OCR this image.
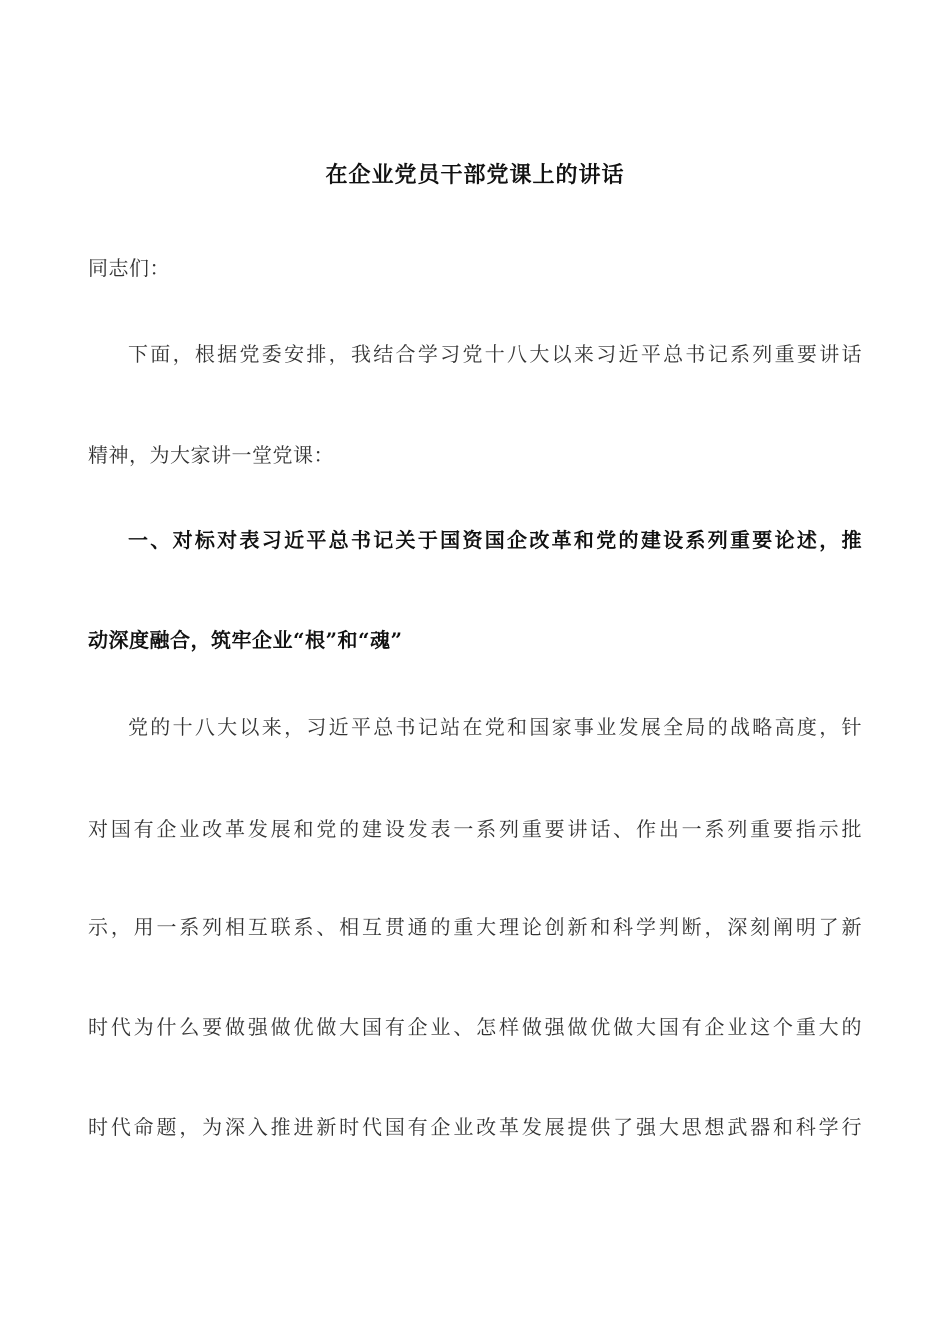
在企业党员干部党课上的讲话
同志们：
下面，根据党委安排，我结合学习党十八大以来习近平总书记系列重要讲话
精神，为大家讲一堂党课：
一、对标对表习近平总书记关于国资国企改革和党的建设系列重要论述，推
动深度融合，筑牢企业“根”和“魂”
党的十八大以来，习近平总书记站在党和国家事业发展全局的战略高度，针
对国有企业改革发展和党的建设发表一系列重要讲话、作出一系列重要指示批
示，用一系列相互联系、相互贯通的重大理论创新和科学判断，深刻阐明了新
时代为什么要做强做优做大国有企业、怎样做强做优做大国有企业这个重大的
时代命题，为深入推进新时代国有企业改革发展提供了强大思想武器和科学行
